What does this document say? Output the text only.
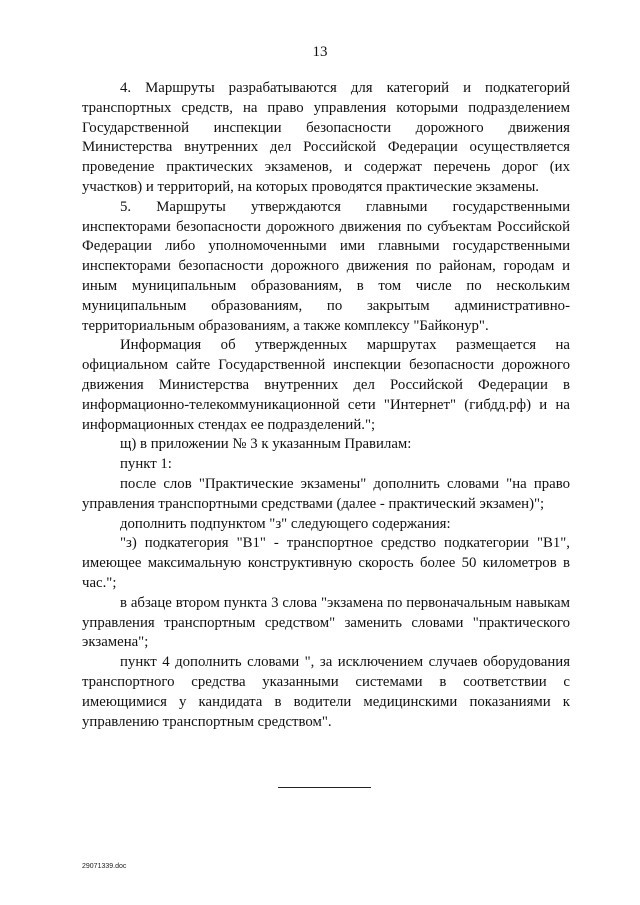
13

4. Маршруты разрабатываются для категорий и подкатегорий транспортных средств, на право управления которыми подразделением Государственной инспекции безопасности дорожного движения Министерства внутренних дел Российской Федерации осуществляется проведение практических экзаменов, и содержат перечень дорог (их участков) и территорий, на которых проводятся практические экзамены.

5. Маршруты утверждаются главными государственными инспекторами безопасности дорожного движения по субъектам Российской Федерации либо уполномоченными ими главными государственными инспекторами безопасности дорожного движения по районам, городам и иным муниципальным образованиям, в том числе по нескольким муниципальным образованиям, по закрытым административно-территориальным образованиям, а также комплексу "Байконур".

Информация об утвержденных маршрутах размещается на официальном сайте Государственной инспекции безопасности дорожного движения Министерства внутренних дел Российской Федерации в информационно-телекоммуникационной сети "Интернет" (гибдд.рф) и на информационных стендах ее подразделений.";

щ) в приложении № 3 к указанным Правилам:

пункт 1:

после слов "Практические экзамены" дополнить словами "на право управления транспортными средствами (далее - практический экзамен)";

дополнить подпунктом "з" следующего содержания:

"з) подкатегория "B1" - транспортное средство подкатегории "B1", имеющее максимальную конструктивную скорость более 50 километров в час.";

в абзаце втором пункта 3 слова "экзамена по первоначальным навыкам управления транспортным средством" заменить словами "практического экзамена";

пункт 4 дополнить словами ", за исключением случаев оборудования транспортного средства указанными системами в соответствии с имеющимися у кандидата в водители медицинскими показаниями к управлению транспортным средством".

29071339.doc
